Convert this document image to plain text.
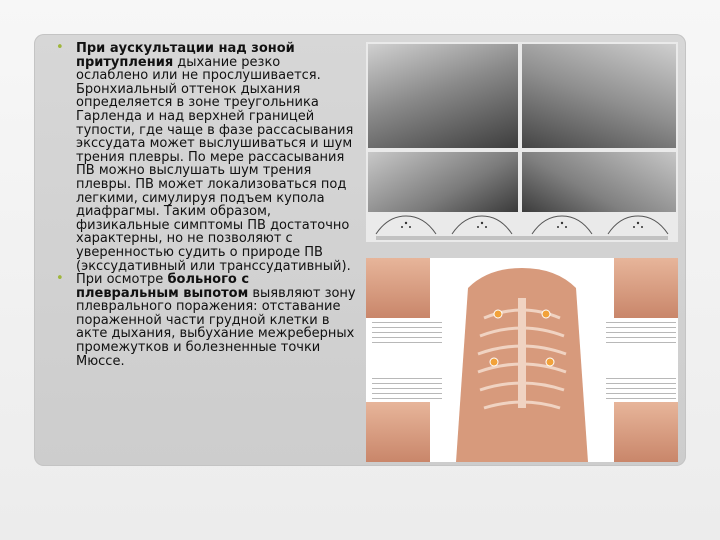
• При аускультации над зоной притупления дыхание резко ослаблено или не прослушивается. Бронхиальный оттенок дыхания определяется в зоне треугольника Гарленда и над верхней границей тупости, где чаще в фазе рассасывания экссудата может выслушиваться и шум трения плевры. По мере рассасывания ПВ можно выслушать шум трения плевры. ПВ может локализоваться под легкими, симулируя подъем купола диафрагмы. Таким образом, физикальные симптомы ПВ достаточно характерны, но не позволяют с уверенностью судить о природе ПВ (экссудативный или транссудативный).

• При осмотре больного с плевральным выпотом выявляют зону плеврального поражения: отставание пораженной части грудной клетки в акте дыхания, выбухание межреберных промежутков и болезненные точки Мюссе.
